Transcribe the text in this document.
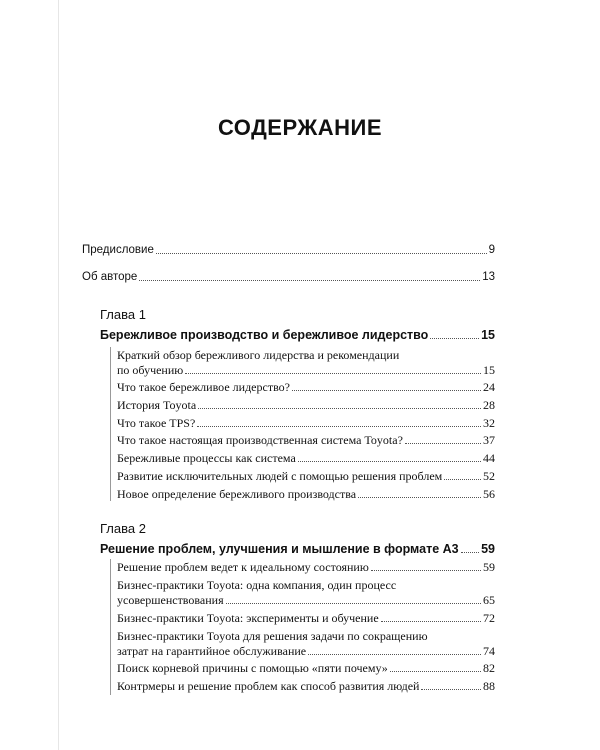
СОДЕРЖАНИЕ
Предисловие	9
Об авторе	13
Глава 1
Бережливое производство и бережливое лидерство	15
Краткий обзор бережливого лидерства и рекомендации
по обучению	15
Что такое бережливое лидерство?	24
История Toyota	28
Что такое TPS?	32
Что такое настоящая производственная система Toyota?	37
Бережливые процессы как система	44
Развитие исключительных людей с помощью решения проблем	52
Новое определение бережливого производства	56
Глава 2
Решение проблем, улучшения и мышление в формате А3 59
Решение проблем ведет к идеальному состоянию	59
Бизнес-практики Toyota: одна компания, один процесс
усовершенствования	65
Бизнес-практики Toyota: эксперименты и обучение	72
Бизнес-практики Toyota для решения задачи по сокращению
затрат на гарантийное обслуживание	74
Поиск корневой причины с помощью «пяти почему»	82
Контрмеры и решение проблем как способ развития людей	88
